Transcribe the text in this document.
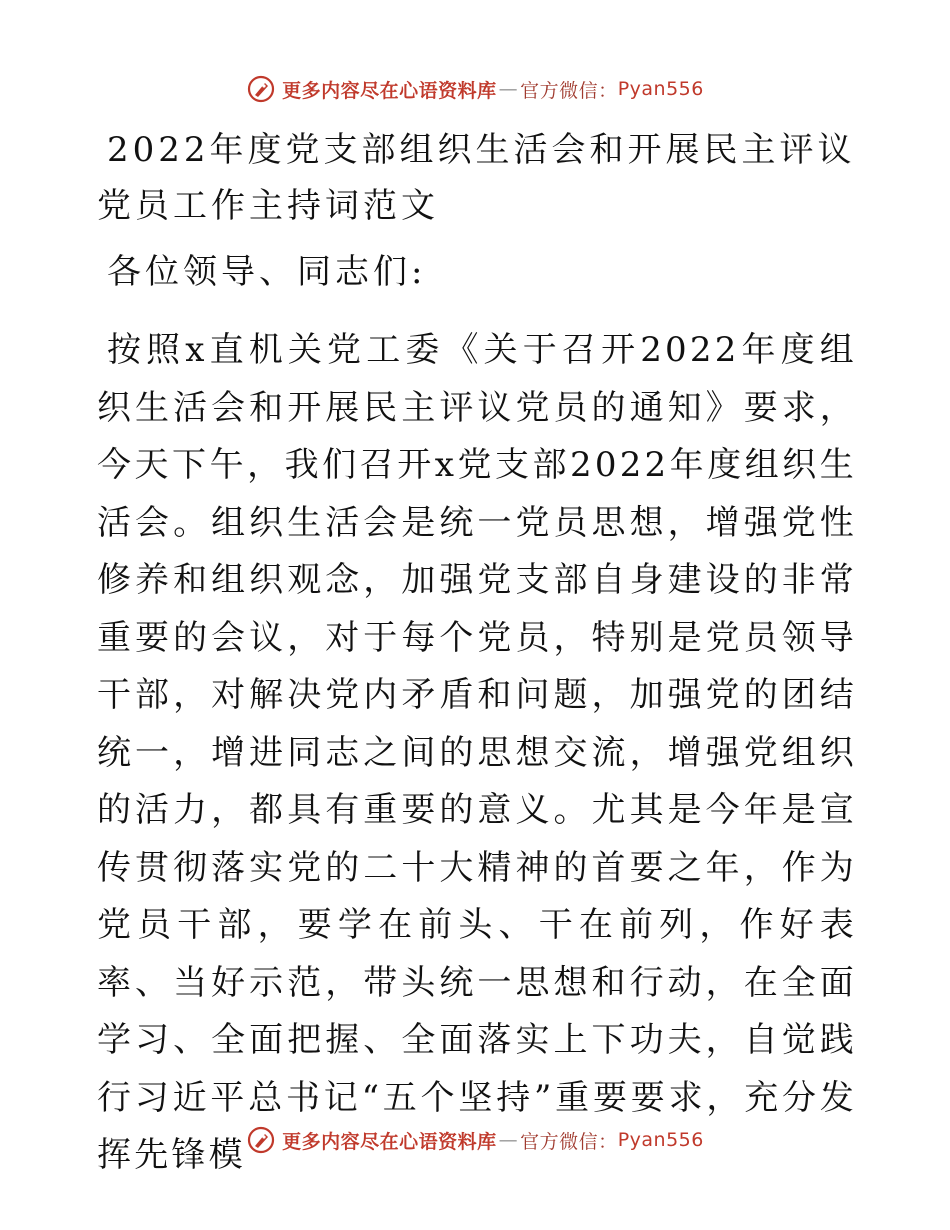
更多内容尽在心语资料库 — 官方微信： Pyan556
2022年度党支部组织生活会和开展民主评议党员工作主持词范文

各位领导、同志们:

按照x直机关党工委《关于召开2022年度组织生活会和开展民主评议党员的通知》要求，今天下午，我们召开x党支部2022年度组织生活会。组织生活会是统一党员思想，增强党性修养和组织观念，加强党支部自身建设的非常重要的会议，对于每个党员，特别是党员领导干部，对解决党内矛盾和问题，加强党的团结统一，增进同志之间的思想交流，增强党组织的活力，都具有重要的意义。尤其是今年是宣传贯彻落实党的二十大精神的首要之年，作为党员干部，要学在前头、干在前列，作好表率、当好示范，带头统一思想和行动，在全面学习、全面把握、全面落实上下功夫，自觉践行习近平总书记“五个坚持”重要要求，充分发挥先锋模	更多内容尽在心语资料库 — 官方微信： Pyan556
